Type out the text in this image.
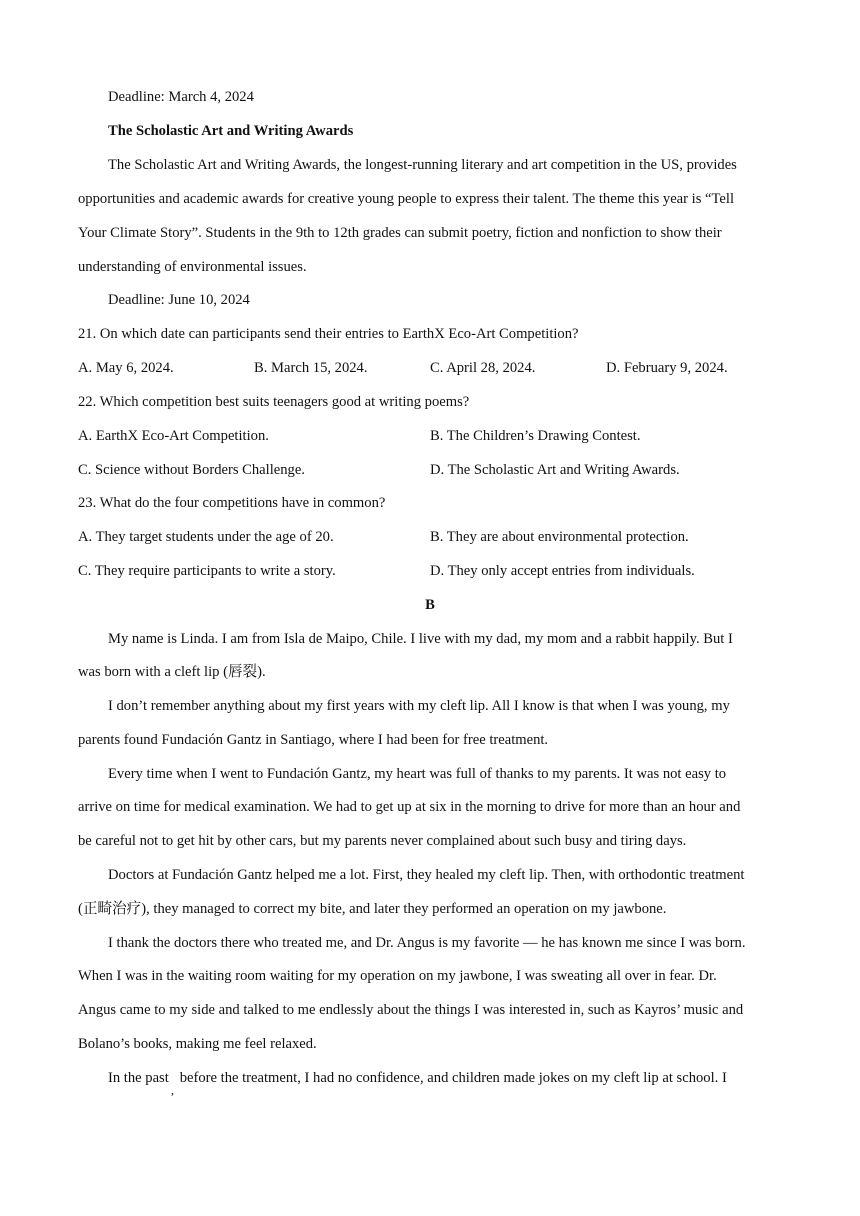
Deadline: March 4, 2024
The Scholastic Art and Writing Awards
The Scholastic Art and Writing Awards, the longest-running literary and art competition in the US, provides
opportunities and academic awards for creative young people to express their talent. The theme this year is “Tell
Your Climate Story”. Students in the 9th to 12th grades can submit poetry, fiction and nonfiction to show their
understanding of environmental issues.
Deadline: June 10, 2024
21. On which date can participants send their entries to EarthX Eco-Art Competition?
A. May 6, 2024.	B. March 15, 2024.	C. April 28, 2024.	D. February 9, 2024.
22. Which competition best suits teenagers good at writing poems?
A. EarthX Eco-Art Competition.	B. The Children’s Drawing Contest.
C. Science without Borders Challenge.	D. The Scholastic Art and Writing Awards.
23. What do the four competitions have in common?
A. They target students under the age of 20.	B. They are about environmental protection.
C. They require participants to write a story.	D. They only accept entries from individuals.
B
My name is Linda. I am from Isla de Maipo, Chile. I live with my dad, my mom and a rabbit happily. But I
was born with a cleft lip (唇裂).
I don’t remember anything about my first years with my cleft lip. All I know is that when I was young, my
parents found Fundación Gantz in Santiago, where I had been for free treatment.
Every time when I went to Fundación Gantz, my heart was full of thanks to my parents. It was not easy to
arrive on time for medical examination. We had to get up at six in the morning to drive for more than an hour and
be careful not to get hit by other cars, but my parents never complained about such busy and tiring days.
Doctors at Fundación Gantz helped me a lot. First, they healed my cleft lip. Then, with orthodontic treatment
(正畸治疗), they managed to correct my bite, and later they performed an operation on my jawbone.
I thank the doctors there who treated me, and Dr. Angus is my favorite — he has known me since I was born.
When I was in the waiting room waiting for my operation on my jawbone, I was sweating all over in fear. Dr.
Angus came to my side and talked to me endlessly about the things I was interested in, such as Kayros’ music and
Bolano’s books, making me feel relaxed.
In the past   before the treatment, I had no confidence, and children made jokes on my cleft lip at school. I
,
